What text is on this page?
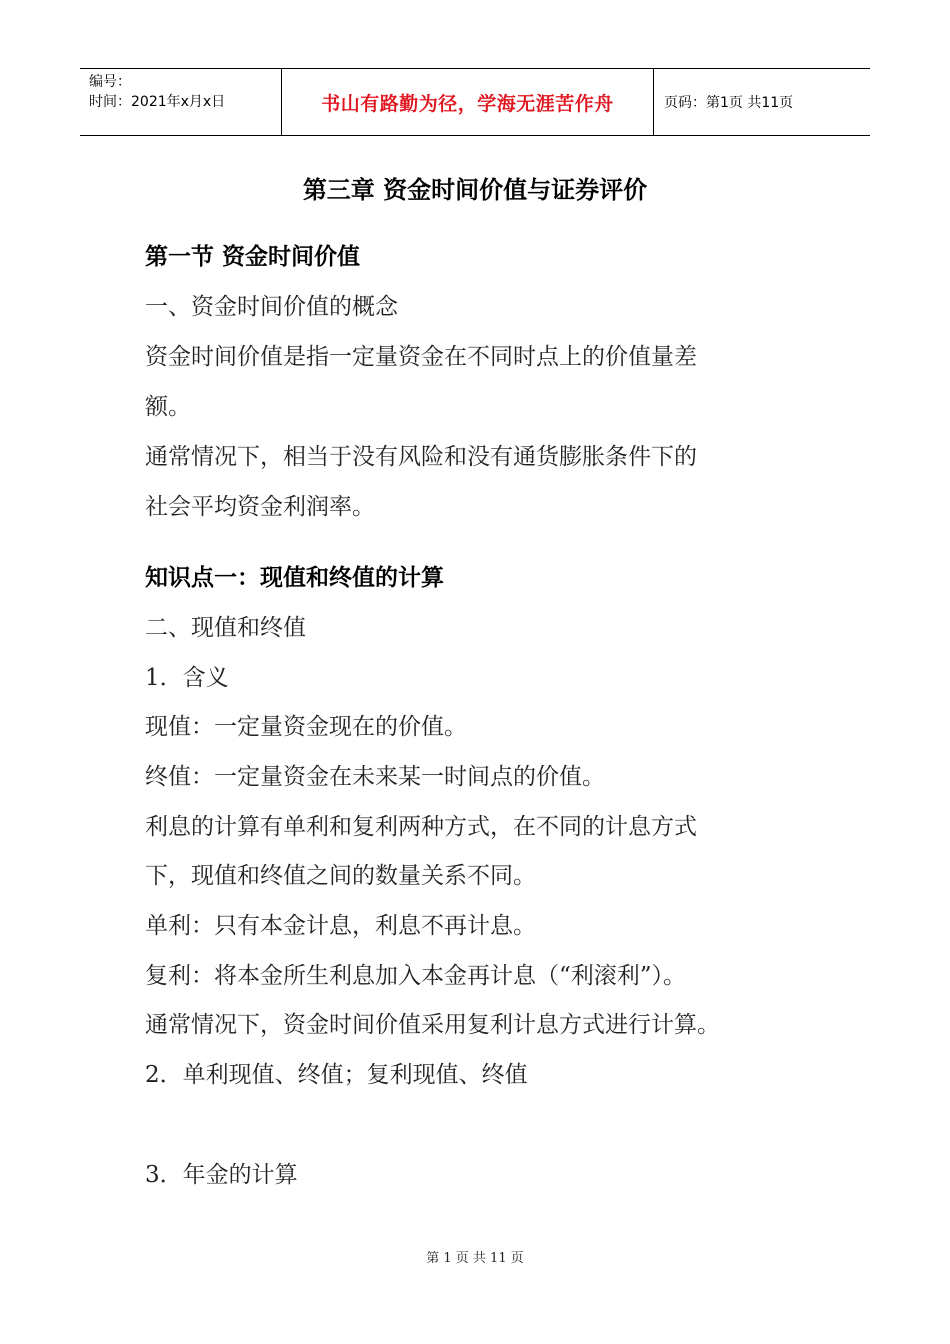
编号：
时间：2021年x月x日	书山有路勤为径，学海无涯苦作舟	页码：第1页 共11页
第三章 资金时间价值与证券评价
第一节 资金时间价值
一、资金时间价值的概念
资金时间价值是指一定量资金在不同时点上的价值量差
额。
通常情况下，相当于没有风险和没有通货膨胀条件下的
社会平均资金利润率。
知识点一：现值和终值的计算
二、现值和终值
1．含义
现值：一定量资金现在的价值。
终值：一定量资金在未来某一时间点的价值。
利息的计算有单利和复利两种方式，在不同的计息方式
下，现值和终值之间的数量关系不同。
单利：只有本金计息，利息不再计息。
复利：将本金所生利息加入本金再计息（“利滚利”）。
通常情况下，资金时间价值采用复利计息方式进行计算。
2．单利现值、终值；复利现值、终值
3．年金的计算
第 1 页 共 11 页
